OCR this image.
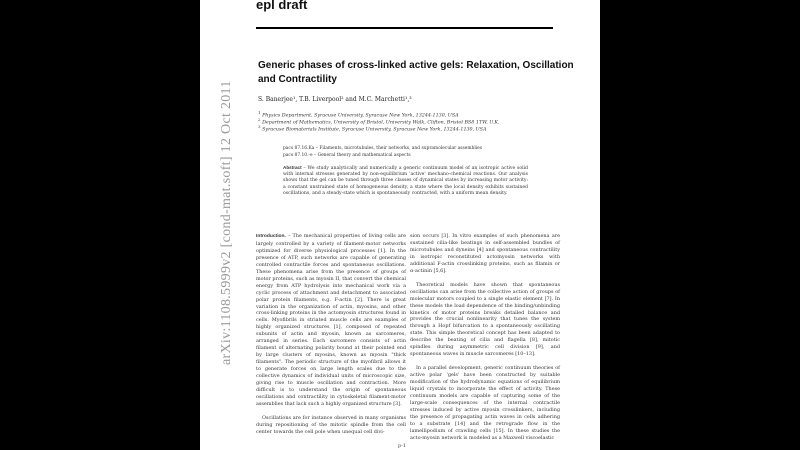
arXiv:1108.5999v2 [cond-mat.soft] 12 Oct 2011
epl draft
Generic phases of cross-linked active gels: Relaxation, Oscillation
and Contractility
S. Banerjee¹, T.B. Liverpool² and M.C. Marchetti¹,³
$^1$ Physics Department, Syracuse University, Syracuse New York, 13244-1130, USA
$^2$ Department of Mathematics, University of Bristol, University Walk, Clifton, Bristol BS8 1TW, U.K.
$^3$ Syracuse Biomaterials Institute, Syracuse University, Syracuse New York, 13244-1130, USA
pacs 87.16.Ka – Filaments, microtubules, their networks, and supramolecular assemblies
pacs 87.10.-e – General theory and mathematical aspects
Abstract – We study analytically and numerically a generic continuum model of an isotropic active solid with internal stresses generated by non-equilibrium 'active' mechano-chemical reactions. Our analysis shows that the gel can be tuned through three classes of dynamical states by increasing motor activity: a constant unstrained state of homogeneous density, a state where the local density exhibits sustained oscillations, and a steady-state which is spontaneously contracted, with a uniform mean density.

Introduction. – The mechanical properties of living cells are largely controlled by a variety of filament-motor networks optimized for diverse physiological processes [1]. In the presence of ATP, such networks are capable of generating controlled contractile forces and spontaneous oscillations. These phenomena arise from the presence of groups of motor proteins, such as myosin II, that convert the chemical energy from ATP hydrolysis into mechanical work via a cyclic process of attachment and detachment to associated polar protein filaments, e.g. F-actin [2]. There is great variation in the organization of actin, myosins, and other cross-linking proteins in the actomyosin structures found in cells. Myofibrils in striated muscle cells are examples of highly organized structures [1], composed of repeated subunits of actin and myosin, known as sarcomeres, arranged in series. Each sarcomere consists of actin filament of alternating polarity bound at their pointed end by large clusters of myosins, known as myosin "thick filaments". The periodic structure of the myofibril allows it to generate forces on large length scales due to the collective dynamics of individual units of microscopic size, giving rise to muscle oscillation and contraction. More difficult is to understand the origin of spontaneous oscillations and contractility in cytoskeletal filament-motor assemblies that lack such a highly organized structure [3].

Oscillations are for instance observed in many organisms during repositioning of the mitotic spindle from the cell center towards the cell pole when unequal cell divi-

sion occurs [3]. In vitro examples of such phenomena are sustained cilia-like beatings in self-assembled bundles of microtubules and dyneins [4] and spontaneous contractility in isotropic reconstituted actomyosin networks with additional F-actin crosslinking proteins, such as filamin or α-actinin [5,6].

Theoretical models have shown that spontaneous oscillations can arise from the collective action of groups of molecular motors coupled to a single elastic element [7]. In these models the load dependence of the binding/unbinding kinetics of motor proteins breaks detailed balance and provides the crucial nonlinearity that tunes the system through a Hopf bifurcation to a spontaneously oscillating state. This simple theoretical concept has been adapted to describe the beating of cilia and flagella [8], mitotic spindles during asymmetric cell division [9], and spontaneous waves in muscle sarcomeres [10–13].

In a parallel development, generic continuum theories of active polar 'gels' have been constructed by suitable modification of the hydrodynamic equations of equilibrium liquid crystals to incorporate the effect of activity. These continuum models are capable of capturing some of the large-scale consequences of the internal contractile stresses induced by active myosin crosslinkers, including the presence of propagating actin waves in cells adhering to a substrate [14] and the retrograde flow in the lamellipodium of crawling cells [15]. In these studies the acto-myosin network is modeled as a Maxwell viscoelastic

p-1
